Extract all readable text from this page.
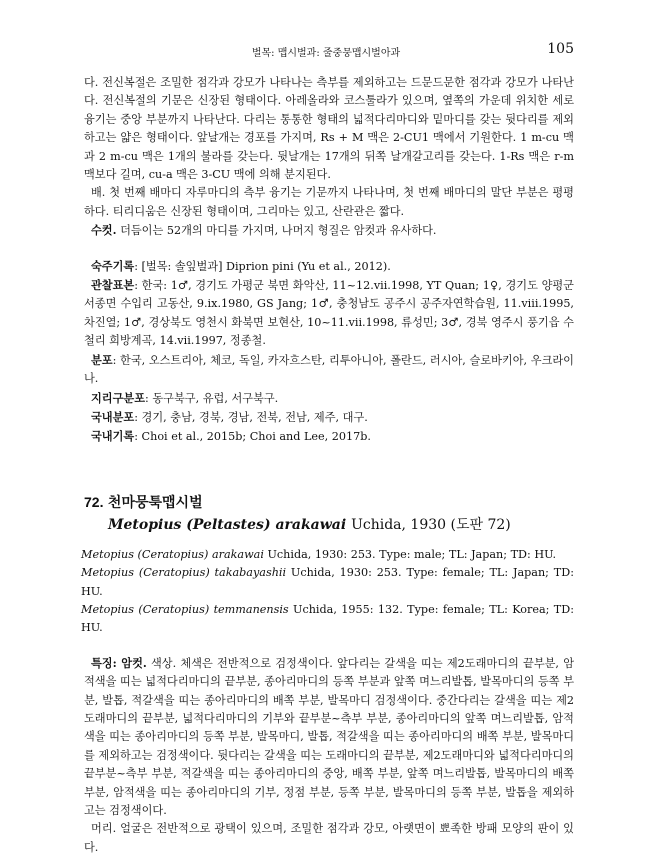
벌목: 맵시벌과: 줄중뭉맵시벌아과	105

다. 전신복절은 조밀한 점각과 강모가 나타나는 측부를 제외하고는 드문드문한 점각과 강모가 나타난다. 전신복절의 기문은 신장된 형태이다. 아레올라와 코스툴라가 있으며, 옆쪽의 가운데 위치한 세로 융기는 중앙 부분까지 나타난다. 다리는 통통한 형태의 넓적다리마디와 밑마디를 갖는 뒷다리를 제외하고는 얇은 형태이다. 앞날개는 경포를 가지며, Rs + M 맥은 2-CU1 맥에서 기원한다. 1 m-cu 맥과 2 m-cu 맥은 1개의 불라를 갖는다. 뒷날개는 17개의 뒤쪽 날개갈고리를 갖는다. 1-Rs 맥은 r-m 맥보다 길며, cu-a 맥은 3-CU 맥에 의해 분지된다.

배. 첫 번째 배마디 자루마디의 측부 융기는 기문까지 나타나며, 첫 번째 배마디의 말단 부분은 평평하다. 티리디움은 신장된 형태이며, 그리마는 있고, 산란관은 짧다.

수컷. 더듬이는 52개의 마디를 가지며, 나머지 형질은 암컷과 유사하다.

숙주기록: [벌목: 솔잎벌과] Diprion pini (Yu et al., 2012).

관찰표본: 한국: 1♂, 경기도 가평군 북면 화악산, 11~12.vii.1998, YT Quan; 1♀, 경기도 양평군 서종면 수입리 고동산, 9.ix.1980, GS Jang; 1♂, 충청남도 공주시 공주자연학습원, 11.viii.1995, 차진열; 1♂, 경상북도 영천시 화북면 보현산, 10~11.vii.1998, 류성민; 3♂, 경북 영주시 풍기읍 수철리 희방계곡, 14.vii.1997, 정종철.

분포: 한국, 오스트리아, 체코, 독일, 카자흐스탄, 리투아니아, 폴란드, 러시아, 슬로바키아, 우크라이나.

지리구분포: 동구북구, 유럽, 서구북구.

국내분포: 경기, 충남, 경북, 경남, 전북, 전남, 제주, 대구.

국내기록: Choi et al., 2015b; Choi and Lee, 2017b.

72. 천마뭉툭맵시벌
Metopius (Peltastes) arakawai Uchida, 1930 (도판 72)

Metopius (Ceratopius) arakawai Uchida, 1930: 253. Type: male; TL: Japan; TD: HU.

Metopius (Ceratopius) takabayashii Uchida, 1930: 253. Type: female; TL: Japan; TD: HU.

Metopius (Ceratopius) temmanensis Uchida, 1955: 132. Type: female; TL: Korea; TD: HU.

특징: 암컷. 색상. 체색은 전반적으로 검정색이다. 앞다리는 갈색을 띠는 제2도래마디의 끝부분, 암적색을 띠는 넓적다리마디의 끝부분, 종아리마디의 등쪽 부분과 앞쪽 며느리발톱, 발목마디의 등쪽 부분, 발톱, 적갈색을 띠는 종아리마디의 배쪽 부분, 발목마디 검정색이다. 중간다리는 갈색을 띠는 제2도래마디의 끝부분, 넓적다리마디의 기부와 끝부분~측부 부분, 종아리마디의 앞쪽 며느리발톱, 암적색을 띠는 종아리마디의 등쪽 부분, 발목마디, 발톱, 적갈색을 띠는 종아리마디의 배쪽 부분, 발목마디를 제외하고는 검정색이다. 뒷다리는 갈색을 띠는 도래마디의 끝부분, 제2도래마디와 넓적다리마디의 끝부분~측부 부분, 적갈색을 띠는 종아리마디의 중앙, 배쪽 부분, 앞쪽 며느리발톱, 발목마디의 배쪽 부분, 암적색을 띠는 종아리마디의 기부, 정점 부분, 등쪽 부분, 발목마디의 등쪽 부분, 발톱을 제외하고는 검정색이다.

머리. 얼굴은 전반적으로 광택이 있으며, 조밀한 점각과 강모, 아랫면이 뾰족한 방패 모양의 판이 있다.
